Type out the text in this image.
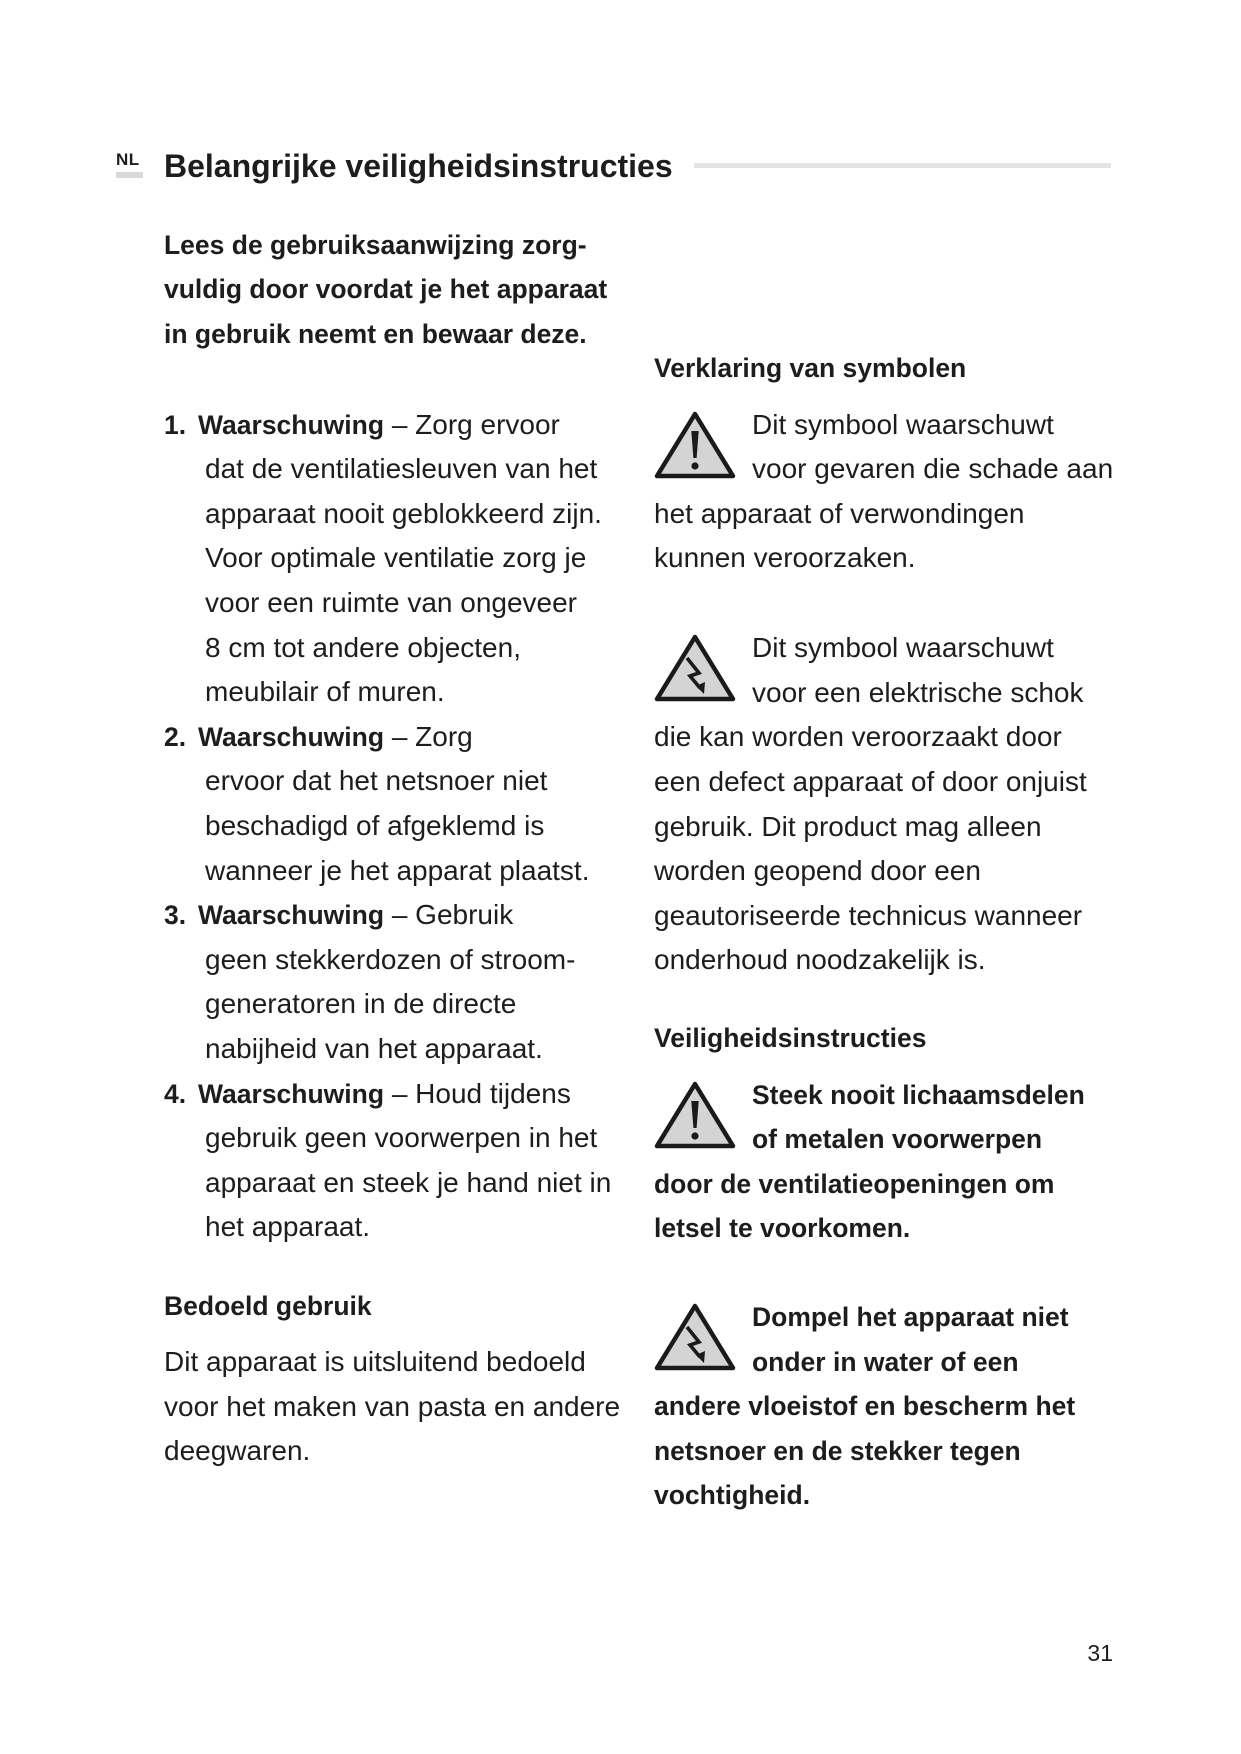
NL Belangrijke veiligheidsinstructies
Lees de gebruiksaanwijzing zorg-
vuldig door voordat je het apparaat
in gebruik neemt en bewaar deze.
1. Waarschuwing – Zorg ervoor
dat de ventilatiesleuven van het
apparaat nooit geblokkeerd zijn.
Voor optimale ventilatie zorg je
voor een ruimte van ongeveer
8 cm tot andere objecten,
meubilair of muren.
2. Waarschuwing – Zorg
ervoor dat het netsnoer niet
beschadigd of afgeklemd is
wanneer je het apparat plaatst.
3. Waarschuwing – Gebruik
geen stekkerdozen of stroom-
generatoren in de directe
nabijheid van het apparaat.
4. Waarschuwing – Houd tijdens
gebruik geen voorwerpen in het
apparaat en steek je hand niet in
het apparaat.
Bedoeld gebruik
Dit apparaat is uitsluitend bedoeld
voor het maken van pasta en andere
deegwaren.
Verklaring van symbolen
Dit symbool waarschuwt
voor gevaren die schade aan
het apparaat of verwondingen
kunnen veroorzaken.
Dit symbool waarschuwt
voor een elektrische schok
die kan worden veroorzaakt door
een defect apparaat of door onjuist
gebruik. Dit product mag alleen
worden geopend door een
geautoriseerde technicus wanneer
onderhoud noodzakelijk is.
Veiligheidsinstructies
Steek nooit lichaamsdelen
of metalen voorwerpen
door de ventilatieopeningen om
letsel te voorkomen.
Dompel het apparaat niet
onder in water of een
andere vloeistof en bescherm het
netsnoer en de stekker tegen
vochtigheid.
31
